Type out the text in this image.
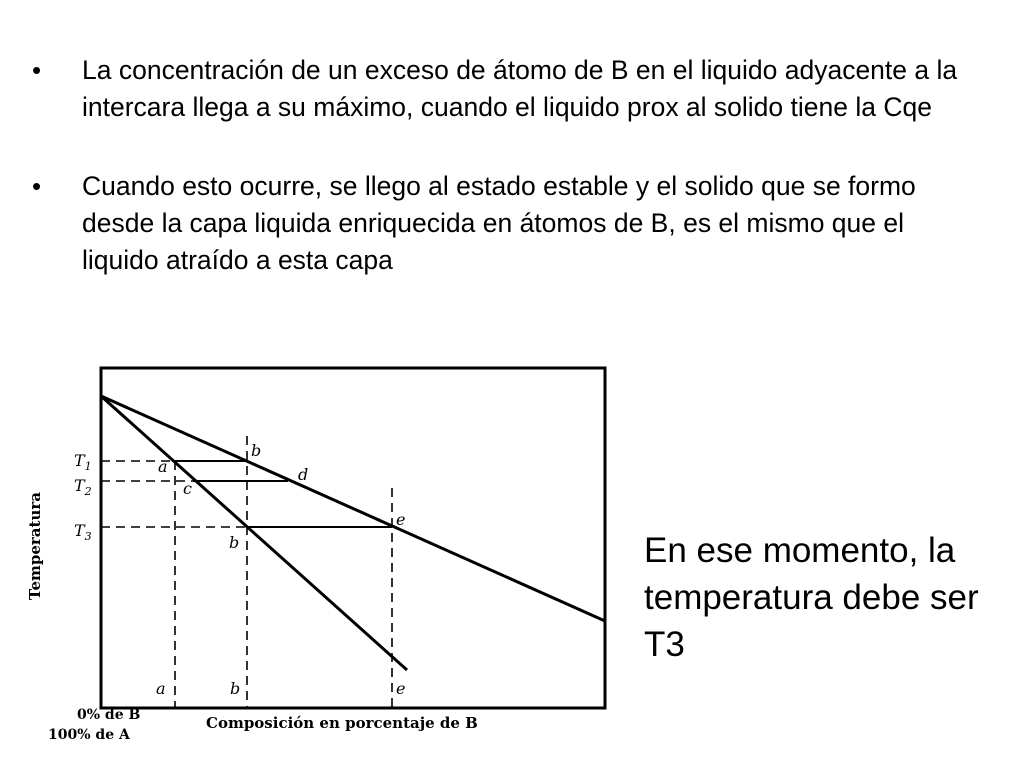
•	La concentración de un exceso de átomo de B en el liquido adyacente a la intercara llega a su máximo, cuando el liquido prox al solido tiene la Cqe
•	Cuando esto ocurre, se llego al estado estable y el solido que se formo desde la capa liquida enriquecida en átomos de B, es el mismo que el liquido atraído a esta capa
a
b
c
d
b
e
a	b	e
$T_1$
$T_2$
$T_3$
Temperatura
Composición en porcentaje de B
0% de B
100% de A
En ese momento, la temperatura debe ser T3
